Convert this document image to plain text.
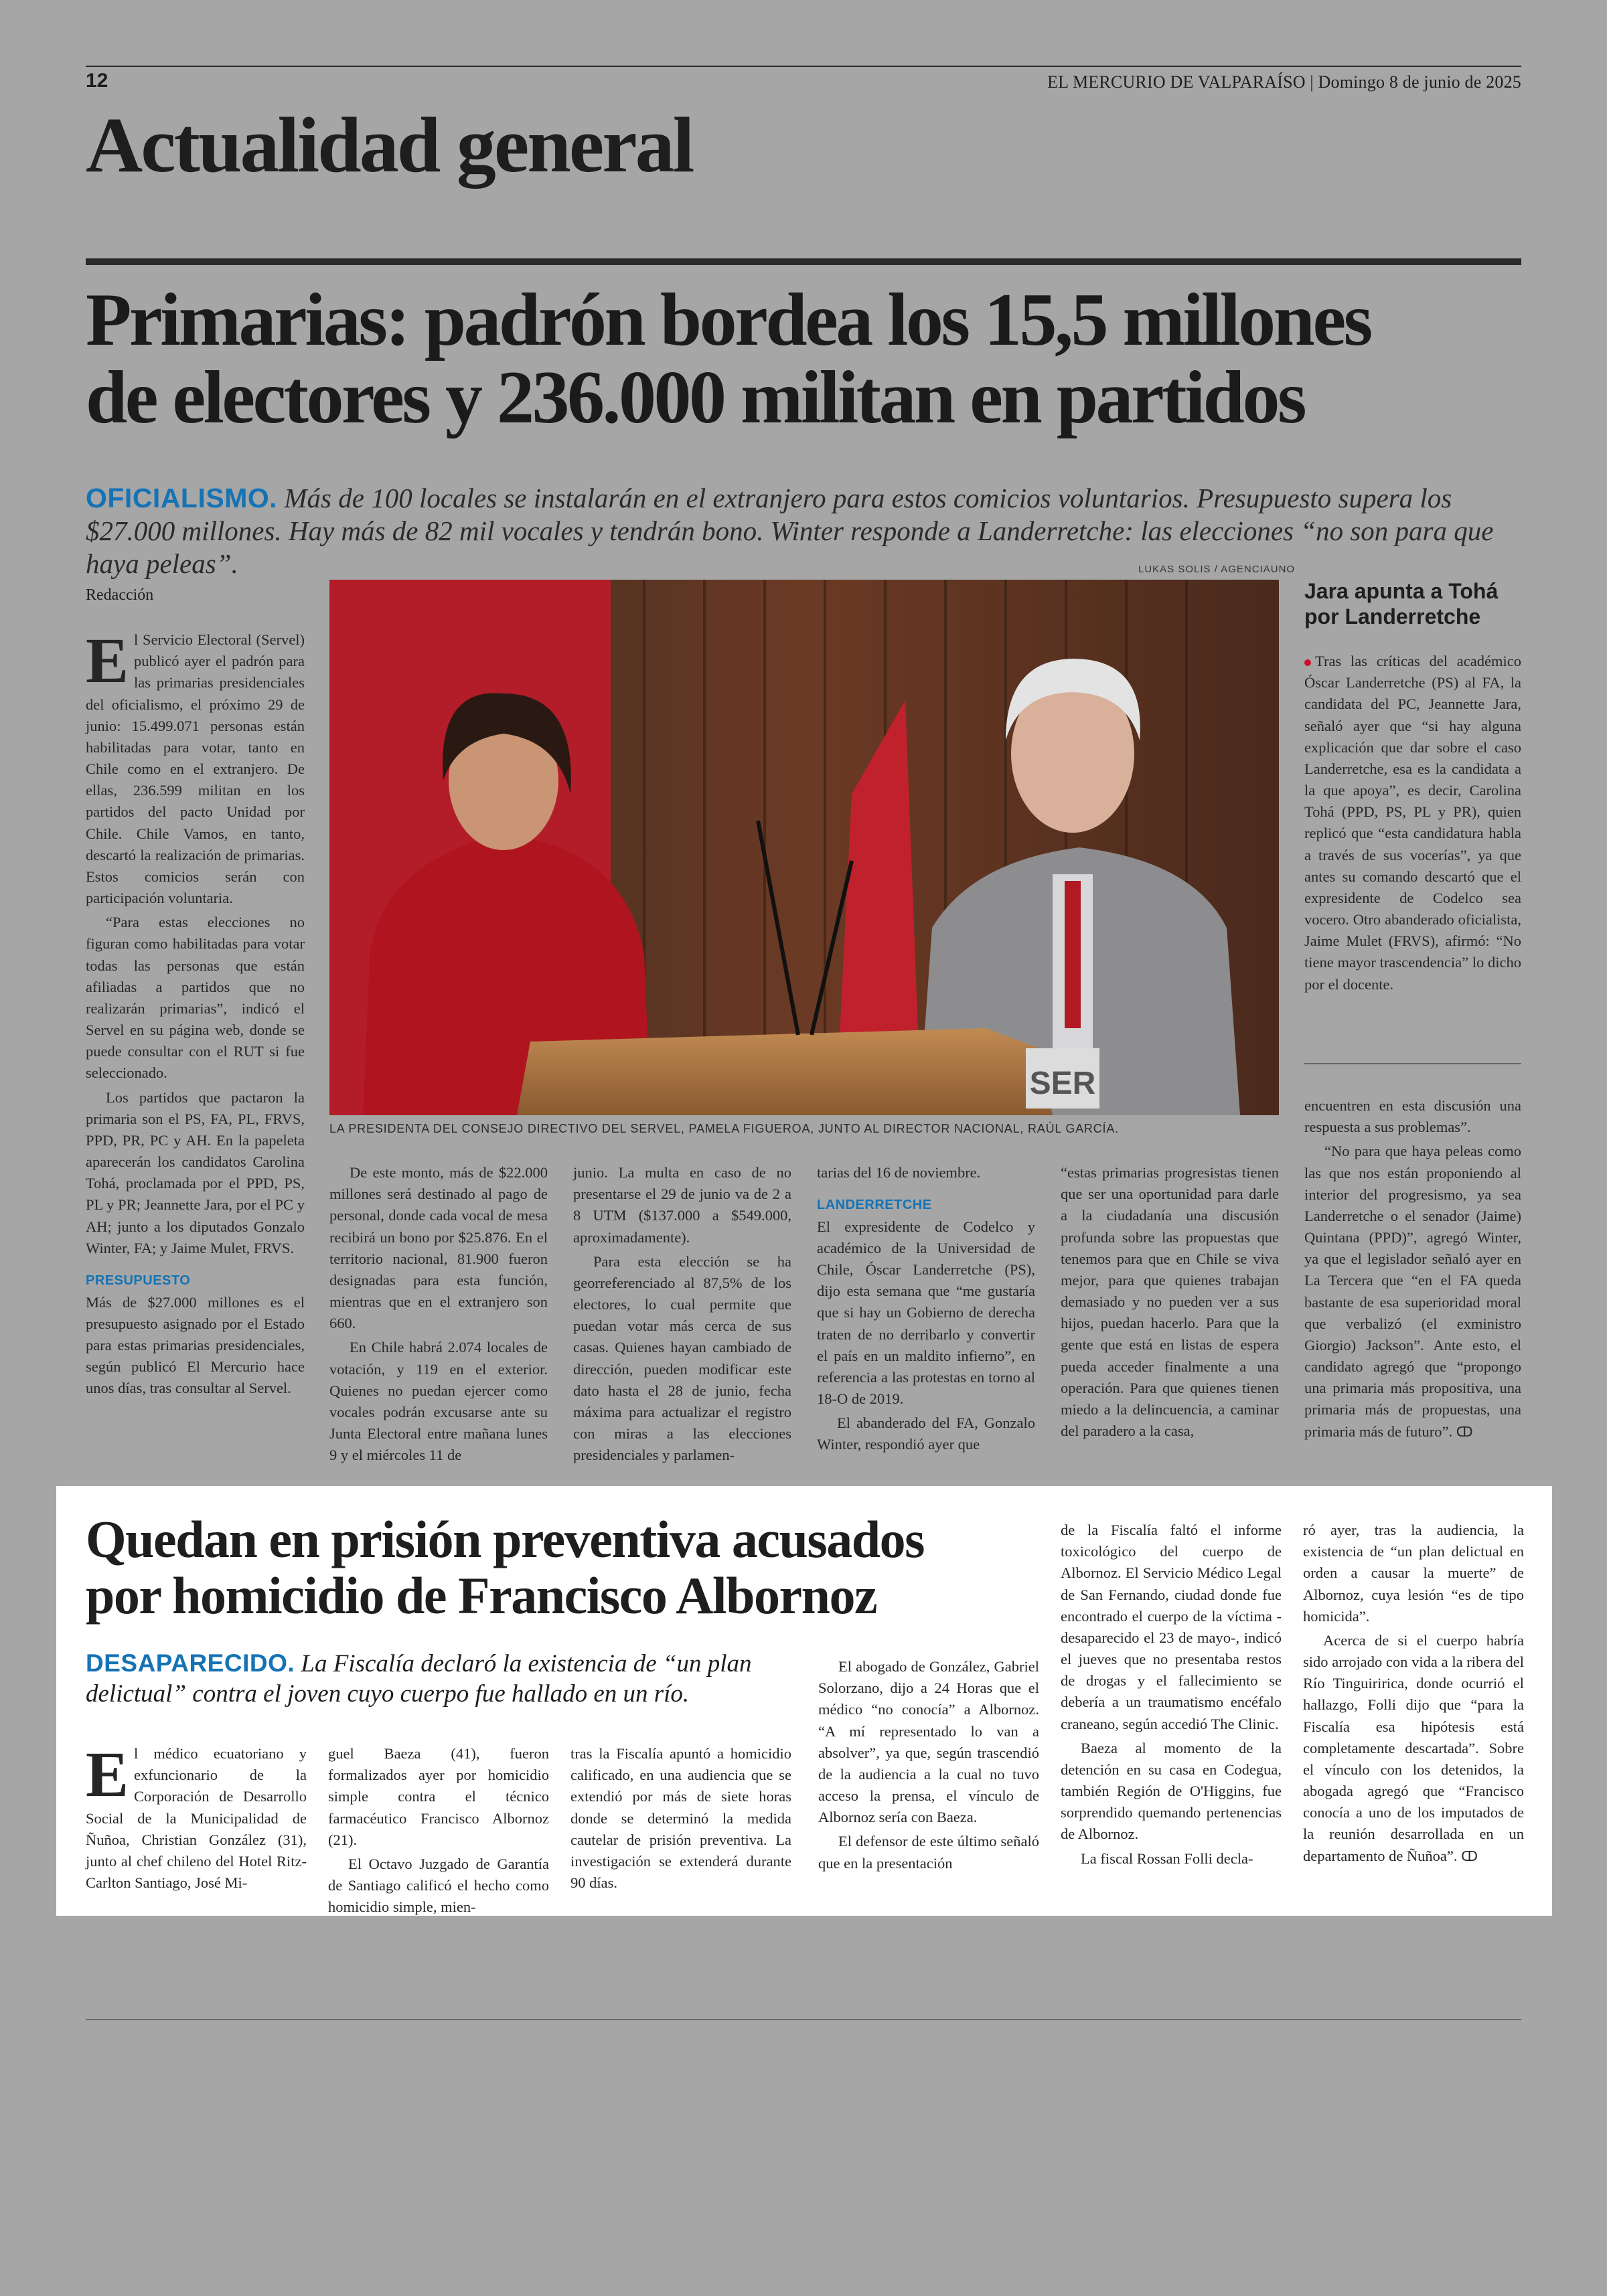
12	EL MERCURIO DE VALPARAÍSO | Domingo 8 de junio de 2025
Actualidad general
Primarias: padrón bordea los 15,5 millones
de electores y 236.000 militan en partidos
OFICIALISMO. Más de 100 locales se instalarán en el extranjero para estos comicios voluntarios. Presupuesto supera los $27.000 millones. Hay más de 82 mil vocales y tendrán bono. Winter responde a Landerretche: las elecciones “no son para que haya peleas”.	LUKAS SOLIS / AGENCIAUNO
Redacción
SER
LA PRESIDENTA DEL CONSEJO DIRECTIVO DEL SERVEL, PAMELA FIGUEROA, JUNTO AL DIRECTOR NACIONAL, RAÚL GARCÍA.

El Servicio Electoral (Servel) publicó ayer el padrón para las primarias presidenciales del oficialismo, el próximo 29 de junio: 15.499.071 personas están habilitadas para votar, tanto en Chile como en el extranjero. De ellas, 236.599 militan en los partidos del pacto Unidad por Chile. Chile Vamos, en tanto, descartó la realización de primarias. Estos comicios serán con participación voluntaria.

“Para estas elecciones no figuran como habilitadas para votar todas las personas que están afiliadas a partidos que no realizarán primarias”, indicó el Servel en su página web, donde se puede consultar con el RUT si fue seleccionado.

Los partidos que pactaron la primaria son el PS, FA, PL, FRVS, PPD, PR, PC y AH. En la papeleta aparecerán los candidatos Carolina Tohá, proclamada por el PPD, PS, PL y PR; Jeannette Jara, por el PC y AH; junto a los diputados Gonzalo Winter, FA; y Jaime Mulet, FRVS.

PRESUPUESTO

Más de $27.000 millones es el presupuesto asignado por el Estado para estas primarias presidenciales, según publicó El Mercurio hace unos días, tras consultar al Servel.

De este monto, más de $22.000 millones será destinado al pago de personal, donde cada vocal de mesa recibirá un bono por $25.876. En el territorio nacional, 81.900 fueron designadas para esta función, mientras que en el extranjero son 660.

En Chile habrá 2.074 locales de votación, y 119 en el exterior. Quienes no puedan ejercer como vocales podrán excusarse ante su Junta Electoral entre mañana lunes 9 y el miércoles 11 de

junio. La multa en caso de no presentarse el 29 de junio va de 2 a 8 UTM ($137.000 a $549.000, aproximadamente).

Para esta elección se ha georreferenciado al 87,5% de los electores, lo cual permite que puedan votar más cerca de sus casas. Quienes hayan cambiado de dirección, pueden modificar este dato hasta el 28 de junio, fecha máxima para actualizar el registro con miras a las elecciones presidenciales y parlamen-

tarias del 16 de noviembre.

LANDERRETCHE

El expresidente de Codelco y académico de la Universidad de Chile, Óscar Landerretche (PS), dijo esta semana que “me gustaría que si hay un Gobierno de derecha traten de no derribarlo y convertir el país en un maldito infierno”, en referencia a las protestas en torno al 18-O de 2019.

El abanderado del FA, Gonzalo Winter, respondió ayer que

“estas primarias progresistas tienen que ser una oportunidad para darle a la ciudadanía una discusión profunda sobre las propuestas que tenemos para que en Chile se viva mejor, para que quienes trabajan demasiado y no pueden ver a sus hijos, puedan hacerlo. Para que la gente que está en listas de espera pueda acceder finalmente a una operación. Para que quienes tienen miedo a la delincuencia, a caminar del paradero a la casa,

encuentren en esta discusión una respuesta a sus problemas”.

“No para que haya peleas como las que nos están proponiendo al interior del progresismo, ya sea Landerretche o el senador (Jaime) Quintana (PPD)”, agregó Winter, ya que el legislador señaló ayer en La Tercera que “en el FA queda bastante de esa superioridad moral que verbalizó (el exministro Giorgio) Jackson”. Ante esto, el candidato agregó que “propongo una primaria más propositiva, una primaria más de propuestas, una primaria más de futuro”. ↀ

Jara apunta a Tohá por Landerretche

Tras las críticas del académico Óscar Landerretche (PS) al FA, la candidata del PC, Jeannette Jara, señaló ayer que “si hay alguna explicación que dar sobre el caso Landerretche, esa es la candidata a la que apoya”, es decir, Carolina Tohá (PPD, PS, PL y PR), quien replicó que “esta candidatura habla a través de sus vocerías”, ya que antes su comando descartó que el expresidente de Codelco sea vocero. Otro abanderado oficialista, Jaime Mulet (FRVS), afirmó: “No tiene mayor trascendencia” lo dicho por el docente.

Quedan en prisión preventiva acusados
por homicidio de Francisco Albornoz
DESAPARECIDO. La Fiscalía declaró la existencia de “un plan delictual” contra el joven cuyo cuerpo fue hallado en un río.

El médico ecuatoriano y exfuncionario de la Corporación de Desarrollo Social de la Municipalidad de Ñuñoa, Christian González (31), junto al chef chileno del Hotel Ritz-Carlton Santiago, José Mi-

guel Baeza (41), fueron formalizados ayer por homicidio simple contra el técnico farmacéutico Francisco Albornoz (21).

El Octavo Juzgado de Garantía de Santiago calificó el hecho como homicidio simple, mien-

tras la Fiscalía apuntó a homicidio calificado, en una audiencia que se extendió por más de siete horas donde se determinó la medida cautelar de prisión preventiva. La investigación se extenderá durante 90 días.

El abogado de González, Gabriel Solorzano, dijo a 24 Horas que el médico “no conocía” a Albornoz. “A mí representado lo van a absolver”, ya que, según trascendió de la audiencia a la cual no tuvo acceso la prensa, el vínculo de Albornoz sería con Baeza.

El defensor de este último señaló que en la presentación

de la Fiscalía faltó el informe toxicológico del cuerpo de Albornoz. El Servicio Médico Legal de San Fernando, ciudad donde fue encontrado el cuerpo de la víctima -desaparecido el 23 de mayo-, indicó el jueves que no presentaba restos de drogas y el fallecimiento se debería a un traumatismo encéfalo craneano, según accedió The Clinic.

Baeza al momento de la detención en su casa en Codegua, también Región de O'Higgins, fue sorprendido quemando pertenencias de Albornoz.

La fiscal Rossan Folli decla-

ró ayer, tras la audiencia, la existencia de “un plan delictual en orden a causar la muerte” de Albornoz, cuya lesión “es de tipo homicida”.

Acerca de si el cuerpo habría sido arrojado con vida a la ribera del Río Tinguiririca, donde ocurrió el hallazgo, Folli dijo que “para la Fiscalía esa hipótesis está completamente descartada”. Sobre el vínculo con los detenidos, la abogada agregó que “Francisco conocía a uno de los imputados de la reunión desarrollada en un departamento de Ñuñoa”. ↀ
